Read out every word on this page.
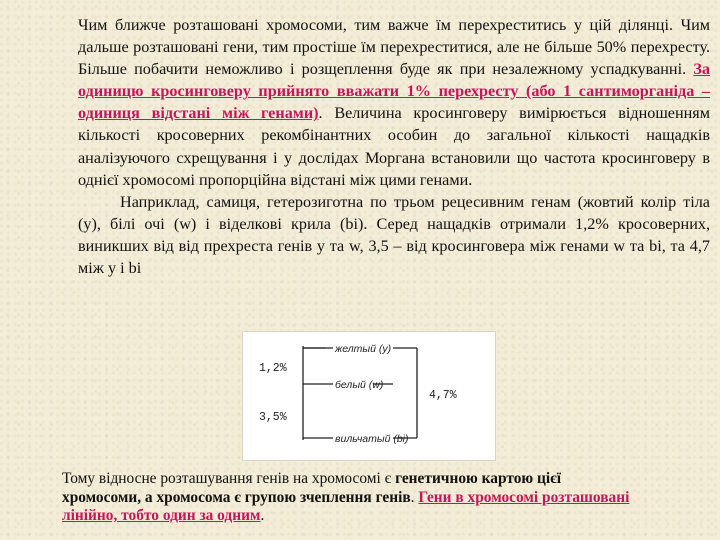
Чим ближче розташовані хромосоми, тим важче їм перехреститись у цій ділянці. Чим дальше розташовані гени, тим простіше їм перехреститися, але не більше 50% перехресту. Більше побачити неможливо і розщеплення буде як при незалежному успадкуванні. За одиницю кросинговеру прийнято вважати 1% перехресту (або 1 сантиморганіда – одиниця відстані між генами). Величина кросинговеру вимірюється відношенням кількості кросоверних рекомбінантних особин до загальної кількості нащадків аналізуючого схрещування і у дослідах Моргана встановили що частота кросинговеру в однієї хромосомі пропорційна відстані між цими генами.
Наприклад, самиця, гетерозиготна по трьом рецесивним генам (жовтий колір тіла (y), білі очі (w) і віделкові крила (bi). Серед нащадків отримали 1,2% кросоверних, виникших від від прехреста генів y та w, 3,5 – від кросинговера між генами w та bi, та 4,7 між y і bi
1,2%
3,5%
4,7%
желтый (y)
белый (w)
вильчатый (bi)
Тому відносне розташування генів на хромосомі є генетичною картою цієї хромосоми, а хромосома є групою зчеплення генів. Гени в хромосомі розташовані лінійно, тобто один за одним.
